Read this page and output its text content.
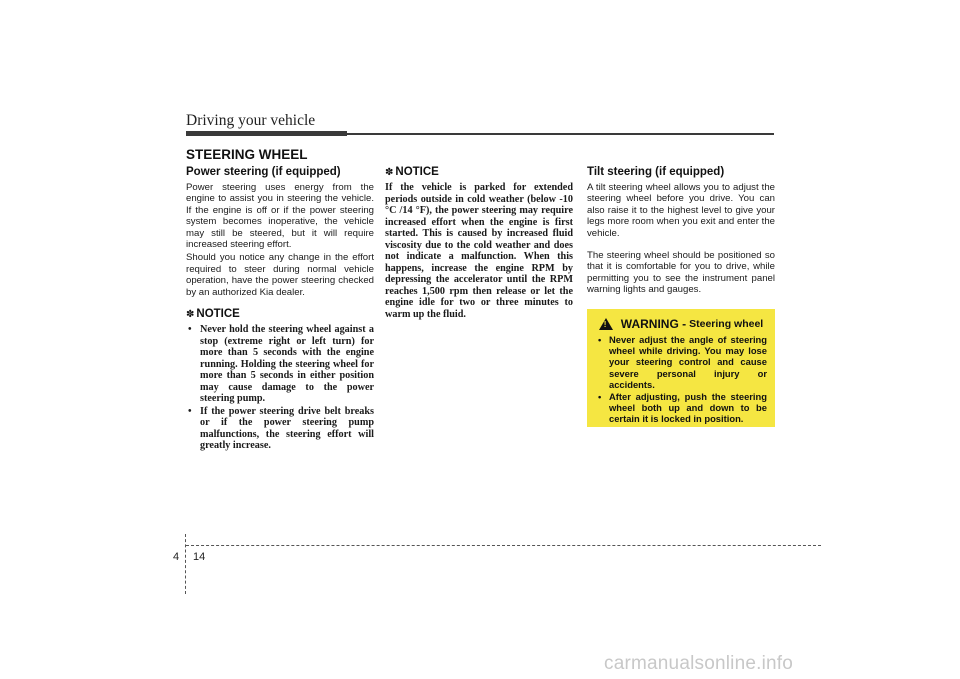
Driving your vehicle
STEERING WHEEL
Power steering (if equipped)

Power steering uses energy from the engine to assist you in steering the vehicle. If the engine is off or if the power steering system becomes inoperative, the vehicle may still be steered, but it will require increased steering effort.

Should you notice any change in the effort required to steer during normal vehicle operation, have the power steering checked by an authorized Kia dealer.

✽ NOTICE
• Never hold the steering wheel against a stop (extreme right or left turn) for more than 5 seconds with the engine running. Holding the steering wheel for more than 5 seconds in either position may cause damage to the power steering pump.
• If the power steering drive belt breaks or if the power steering pump malfunctions, the steering effort will greatly increase.
✽ NOTICE

If the vehicle is parked for extended periods outside in cold weather (below -10 °C /14 °F), the power steering may require increased effort when the engine is first started. This is caused by increased fluid viscosity due to the cold weather and does not indicate a malfunction. When this happens, increase the engine RPM by depressing the accelerator until the RPM reaches 1,500 rpm then release or let the engine idle for two or three minutes to warm up the fluid.

Tilt steering (if equipped)

A tilt steering wheel allows you to adjust the steering wheel before you drive. You can also raise it to the highest level to give your legs more room when you exit and enter the vehicle.

The steering wheel should be positioned so that it is comfortable for you to drive, while permitting you to see the instrument panel warning lights and gauges.

! WARNING - Steering wheel
• Never adjust the angle of steering wheel while driving. You may lose your steering control and cause severe personal injury or accidents.
• After adjusting, push the steering wheel both up and down to be certain it is locked in position.
4 14
carmanualsonline.info
